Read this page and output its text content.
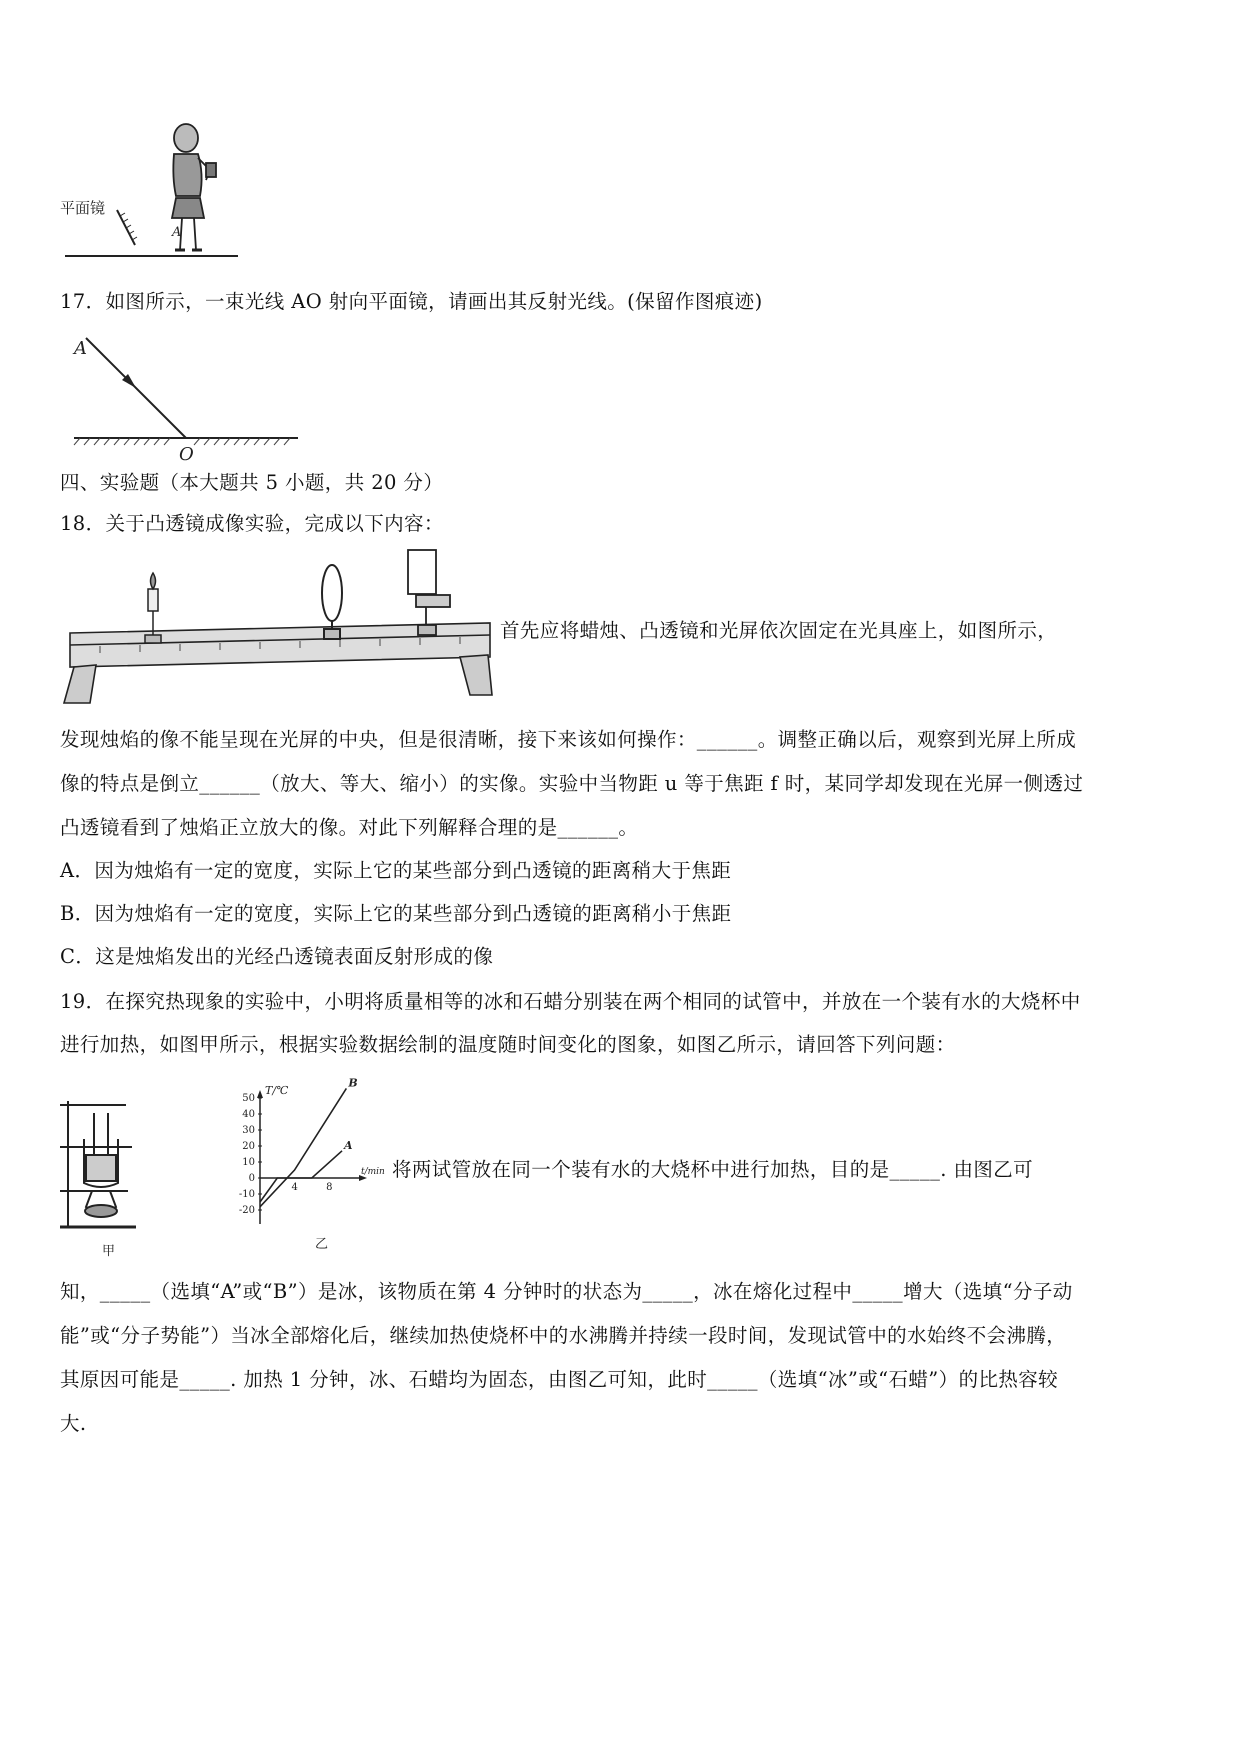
平面镜
A
17．如图所示，一束光线 AO 射向平面镜，请画出其反射光线。(保留作图痕迹)
A
O
四、实验题（本大题共 5 小题，共 20 分）
18．关于凸透镜成像实验，完成以下内容：
首先应将蜡烛、凸透镜和光屏依次固定在光具座上，如图所示，
发现烛焰的像不能呈现在光屏的中央，但是很清晰，接下来该如何操作：______。调整正确以后，观察到光屏上所成
像的特点是倒立______（放大、等大、缩小）的实像。实验中当物距 u 等于焦距 f 时，某同学却发现在光屏一侧透过
凸透镜看到了烛焰正立放大的像。对此下列解释合理的是______。
A．因为烛焰有一定的宽度，实际上它的某些部分到凸透镜的距离稍大于焦距
B．因为烛焰有一定的宽度，实际上它的某些部分到凸透镜的距离稍小于焦距
C．这是烛焰发出的光经凸透镜表面反射形成的像
19．在探究热现象的实验中，小明将质量相等的冰和石蜡分别装在两个相同的试管中，并放在一个装有水的大烧杯中
进行加热，如图甲所示，根据实验数据绘制的温度随时间变化的图象，如图乙所示，请回答下列问题：
甲
T/℃
t/min
50
40
30
20
10
0
-10
-20
4	8
B
A
乙
将两试管放在同一个装有水的大烧杯中进行加热，目的是_____. 由图乙可
知，_____（选填“A”或“B”）是冰，该物质在第 4 分钟时的状态为_____，冰在熔化过程中_____增大（选填“分子动
能”或“分子势能”）当冰全部熔化后，继续加热使烧杯中的水沸腾并持续一段时间，发现试管中的水始终不会沸腾，
其原因可能是_____. 加热 1 分钟，冰、石蜡均为固态，由图乙可知，此时_____（选填“冰”或“石蜡”）的比热容较
大.
